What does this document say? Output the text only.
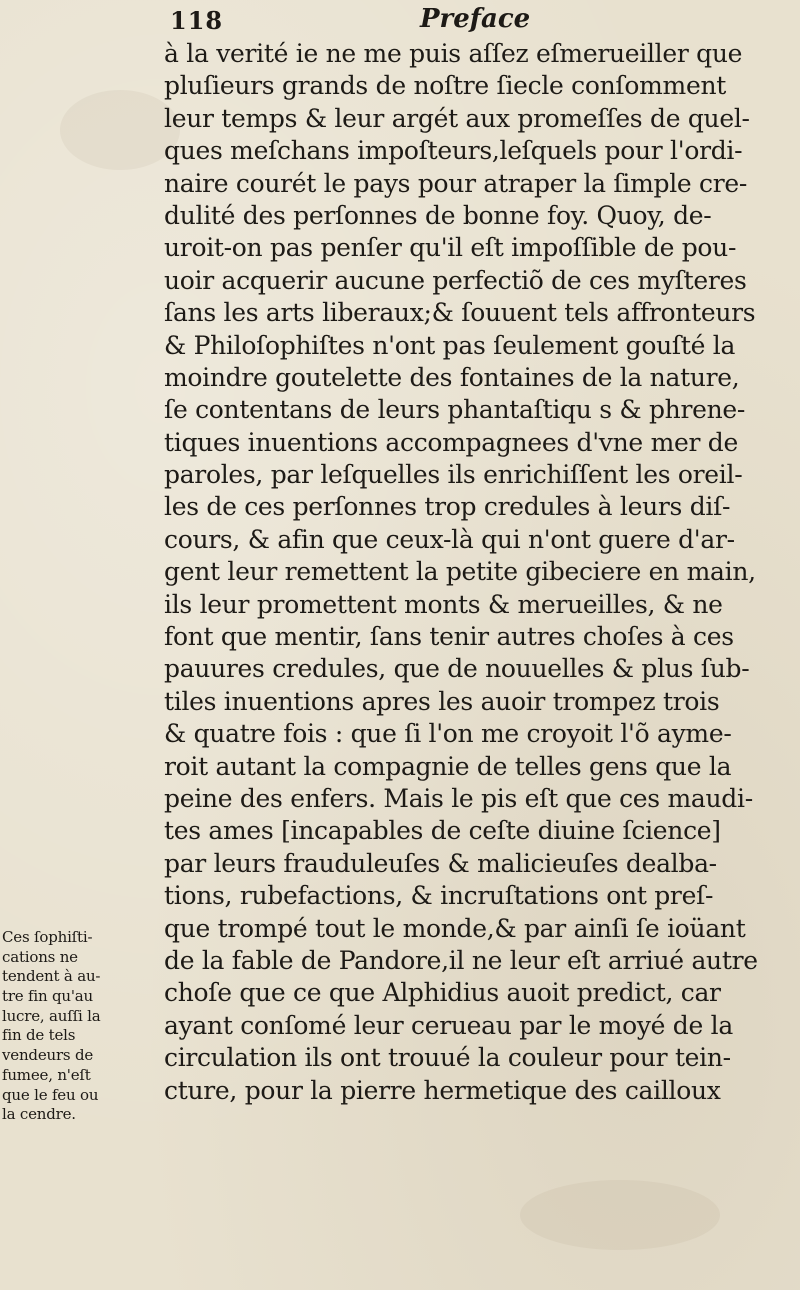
118	Preface
à la verité ie ne me puis aſſez eſmerueiller que
pluſieurs grands de noſtre ſiecle conſomment
leur temps & leur argét aux promeſſes de quel-
ques meſchans impoſteurs,leſquels pour l'ordi-
naire courét le pays pour atraper la ſimple cre-
dulité des perſonnes de bonne foy. Quoy, de-
uroit-on pas penſer qu'il eſt impoſſible de pou-
uoir acquerir aucune perfectiõ de ces myſteres
ſans les arts liberaux;& ſouuent tels affronteurs
& Philoſophiſtes n'ont pas ſeulement gouſté la
moindre goutelette des fontaines de la nature,
ſe contentans de leurs phantaſtiqu s & phrene-
tiques inuentions accompagnees d'vne mer de
paroles, par leſquelles ils enrichiſſent les oreil-
les de ces perſonnes trop credules à leurs diſ-
cours, & afin que ceux-là qui n'ont guere d'ar-
gent leur remettent la petite gibeciere en main,
ils leur promettent monts & merueilles, & ne
font que mentir, ſans tenir autres choſes à ces
pauures credules, que de nouuelles & plus ſub-
tiles inuentions apres les auoir trompez trois
& quatre fois : que ſi l'on me croyoit l'õ ayme-
roit autant la compagnie de telles gens que la
peine des enfers. Mais le pis eſt que ces maudi-
tes ames [incapables de ceſte diuine ſcience]
par leurs frauduleuſes & malicieuſes dealba-
tions, rubefactions, & incruſtations ont preſ-
que trompé tout le monde,& par ainſi ſe ioüant
de la fable de Pandore,il ne leur eſt arriué autre
choſe que ce que Alphidius auoit predict, car
ayant conſomé leur cerueau par le moyé de la
circulation ils ont trouué la couleur pour tein-
cture, pour la pierre hermetique des cailloux
Ces ſophiſti-
cations ne
tendent à au-
tre fin qu'au
lucre, auſſi la
fin de tels
vendeurs de
fumee, n'eſt
que le feu ou
la cendre.
